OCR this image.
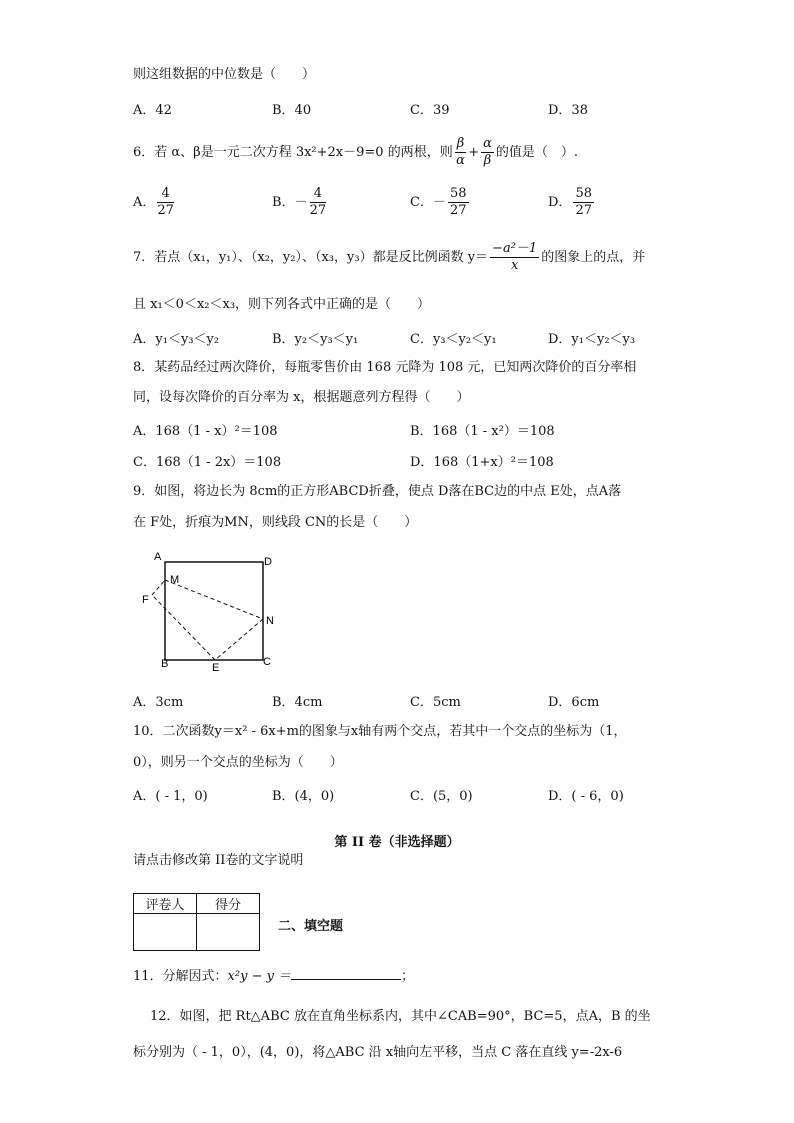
则这组数据的中位数是（　　）
A．42	B．40	C．39	D．38
6．若 α、β是一元二次方程 3x²+2x－9=0 的两根，则 $\frac{\beta}{\alpha} + \frac{\alpha}{\beta}$ 的值是（　）.
A． $\frac{4}{27}$	B．－ $\frac{4}{27}$	C．－ $\frac{58}{27}$	D． $\frac{58}{27}$
7．若点（x₁，y₁）、（x₂，y₂）、（x₃，y₃）都是反比例函数 $y= \frac{\text{−a²－1}}{x}$ 的图象上的点，并
且 x₁＜0＜x₂＜x₃，则下列各式中正确的是（　　）
A．y₁＜y₃＜y₂	B．y₂＜y₃＜y₁	C．y₃＜y₂＜y₁	D．y₁＜y₂＜y₃
8．某药品经过两次降价，每瓶零售价由 168 元降为 108 元，已知两次降价的百分率相
同，设每次降价的百分率为 x，根据题意列方程得（　　）
A．168（1 - x）²＝108	B．168（1 - x²）＝108
C．168（1 - 2x）＝108	D．168（1+x）²＝108
9．如图，将边长为 8cm的正方形ABCD折叠，使点 D落在BC边的中点 E处，点A落
在 F处，折痕为MN，则线段 CN的长是（　　）
A	D
M
F
N
B	E	C
A．3cm	B．4cm	C．5cm	D．6cm
10．二次函数y＝x² - 6x+m的图象与x轴有两个交点，若其中一个交点的坐标为（1，
0），则另一个交点的坐标为（　　）
A．( - 1，0)	B．(4，0)	C．(5，0)	D．( - 6，0)
第 II 卷（非选择题）
请点击修改第 II卷的文字说明
评卷人	得分

二、填空题
11．分解因式：x²y − y ＝	；
12．如图，把 Rt△ABC 放在直角坐标系内，其中∠CAB=90°，BC=5，点A，B 的坐
标分别为（ - 1，0），(4，0)，将△ABC 沿 x轴向左平移，当点 C 落在直线 y=-2x-6
